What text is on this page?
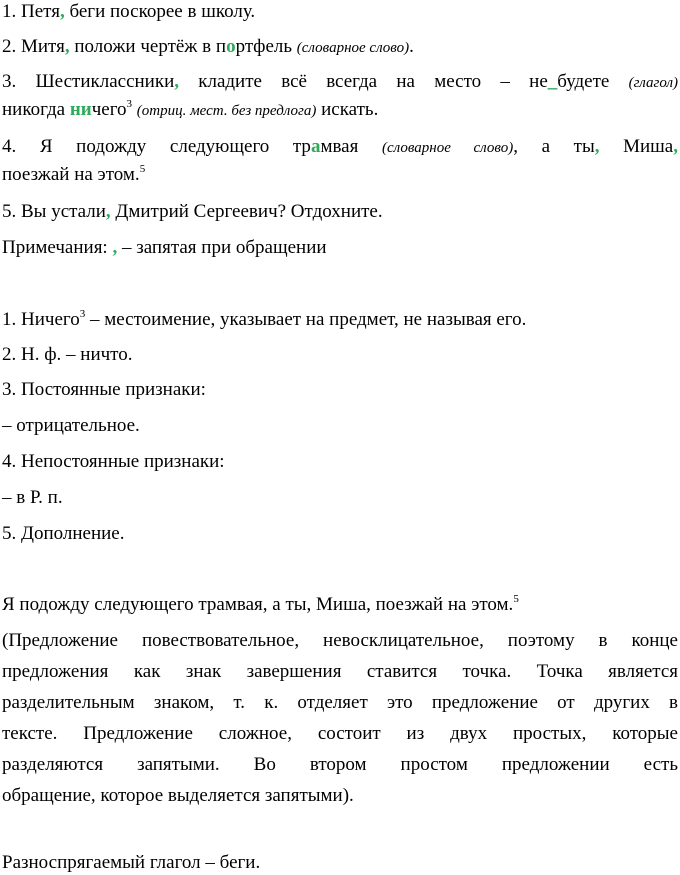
1. Петя, беги поскорее в школу.
2. Митя, положи чертёж в портфель (словарное слово).
3. Шестиклассники, кладите всё всегда на место – не_будете (глагол)
никогда ничего$^3$ (отриц. мест. без предлога) искать.
4. Я подожду следующего трамвая (словарное слово), а ты, Миша,
поезжай на этом.$^5$
5. Вы устали, Дмитрий Сергеевич? Отдохните.
Примечания: , – запятая при обращении
1. Ничего$^3$ – местоимение, указывает на предмет, не называя его.
2. Н. ф. – ничто.
3. Постоянные признаки:
– отрицательное.
4. Непостоянные признаки:
– в Р. п.
5. Дополнение.
Я подожду следующего трамвая, а ты, Миша, поезжай на этом.$^5$
(Предложение повествовательное, невосклицательное, поэтому в конце
предложения как знак завершения ставится точка. Точка является
разделительным знаком, т. к. отделяет это предложение от других в
тексте. Предложение сложное, состоит из двух простых, которые
разделяются запятыми. Во втором простом предложении есть
обращение, которое выделяется запятыми).
Разноспрягаемый глагол – беги.
